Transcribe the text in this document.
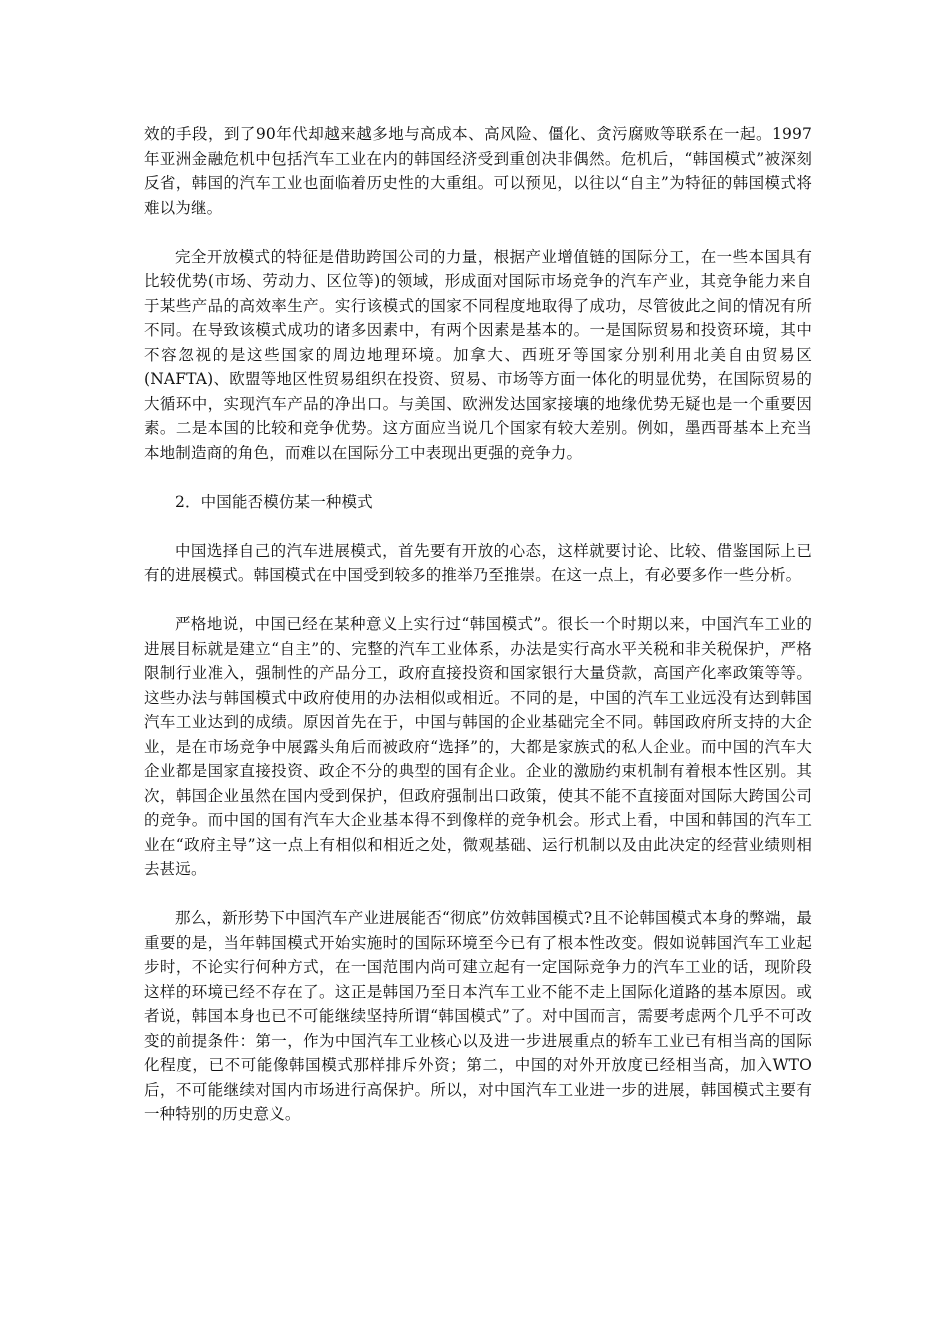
效的手段，到了90年代却越来越多地与高成本、高风险、僵化、贪污腐败等联系在一起。1997年亚洲金融危机中包括汽车工业在内的韩国经济受到重创决非偶然。危机后，“韩国模式”被深刻反省，韩国的汽车工业也面临着历史性的大重组。可以预见，以往以“自主”为特征的韩国模式将难以为继。

完全开放模式的特征是借助跨国公司的力量，根据产业增值链的国际分工，在一些本国具有比较优势(市场、劳动力、区位等)的领域，形成面对国际市场竞争的汽车产业，其竞争能力来自于某些产品的高效率生产。实行该模式的国家不同程度地取得了成功，尽管彼此之间的情况有所不同。在导致该模式成功的诸多因素中，有两个因素是基本的。一是国际贸易和投资环境，其中不容忽视的是这些国家的周边地理环境。加拿大、西班牙等国家分别利用北美自由贸易区 (NAFTA)、欧盟等地区性贸易组织在投资、贸易、市场等方面一体化的明显优势，在国际贸易的大循环中，实现汽车产品的净出口。与美国、欧洲发达国家接壤的地缘优势无疑也是一个重要因素。二是本国的比较和竞争优势。这方面应当说几个国家有较大差别。例如，墨西哥基本上充当本地制造商的角色，而难以在国际分工中表现出更强的竞争力。

2．中国能否模仿某一种模式

中国选择自己的汽车进展模式，首先要有开放的心态，这样就要讨论、比较、借鉴国际上已有的进展模式。韩国模式在中国受到较多的推举乃至推崇。在这一点上，有必要多作一些分析。

严格地说，中国已经在某种意义上实行过“韩国模式”。很长一个时期以来，中国汽车工业的进展目标就是建立“自主”的、完整的汽车工业体系，办法是实行高水平关税和非关税保护，严格限制行业准入，强制性的产品分工，政府直接投资和国家银行大量贷款，高国产化率政策等等。这些办法与韩国模式中政府使用的办法相似或相近。不同的是，中国的汽车工业远没有达到韩国汽车工业达到的成绩。原因首先在于，中国与韩国的企业基础完全不同。韩国政府所支持的大企业，是在市场竞争中展露头角后而被政府“选择”的，大都是家族式的私人企业。而中国的汽车大企业都是国家直接投资、政企不分的典型的国有企业。企业的激励约束机制有着根本性区别。其次，韩国企业虽然在国内受到保护，但政府强制出口政策，使其不能不直接面对国际大跨国公司的竞争。而中国的国有汽车大企业基本得不到像样的竞争机会。形式上看，中国和韩国的汽车工业在“政府主导”这一点上有相似和相近之处，微观基础、运行机制以及由此决定的经营业绩则相去甚远。

那么，新形势下中国汽车产业进展能否“彻底”仿效韩国模式?且不论韩国模式本身的弊端，最重要的是，当年韩国模式开始实施时的国际环境至今已有了根本性改变。假如说韩国汽车工业起步时，不论实行何种方式，在一国范围内尚可建立起有一定国际竞争力的汽车工业的话，现阶段这样的环境已经不存在了。这正是韩国乃至日本汽车工业不能不走上国际化道路的基本原因。或者说，韩国本身也已不可能继续坚持所谓“韩国模式”了。对中国而言，需要考虑两个几乎不可改变的前提条件：第一，作为中国汽车工业核心以及进一步进展重点的轿车工业已有相当高的国际化程度，已不可能像韩国模式那样排斥外资；第二，中国的对外开放度已经相当高，加入WTO后，不可能继续对国内市场进行高保护。所以，对中国汽车工业进一步的进展，韩国模式主要有一种特别的历史意义。
